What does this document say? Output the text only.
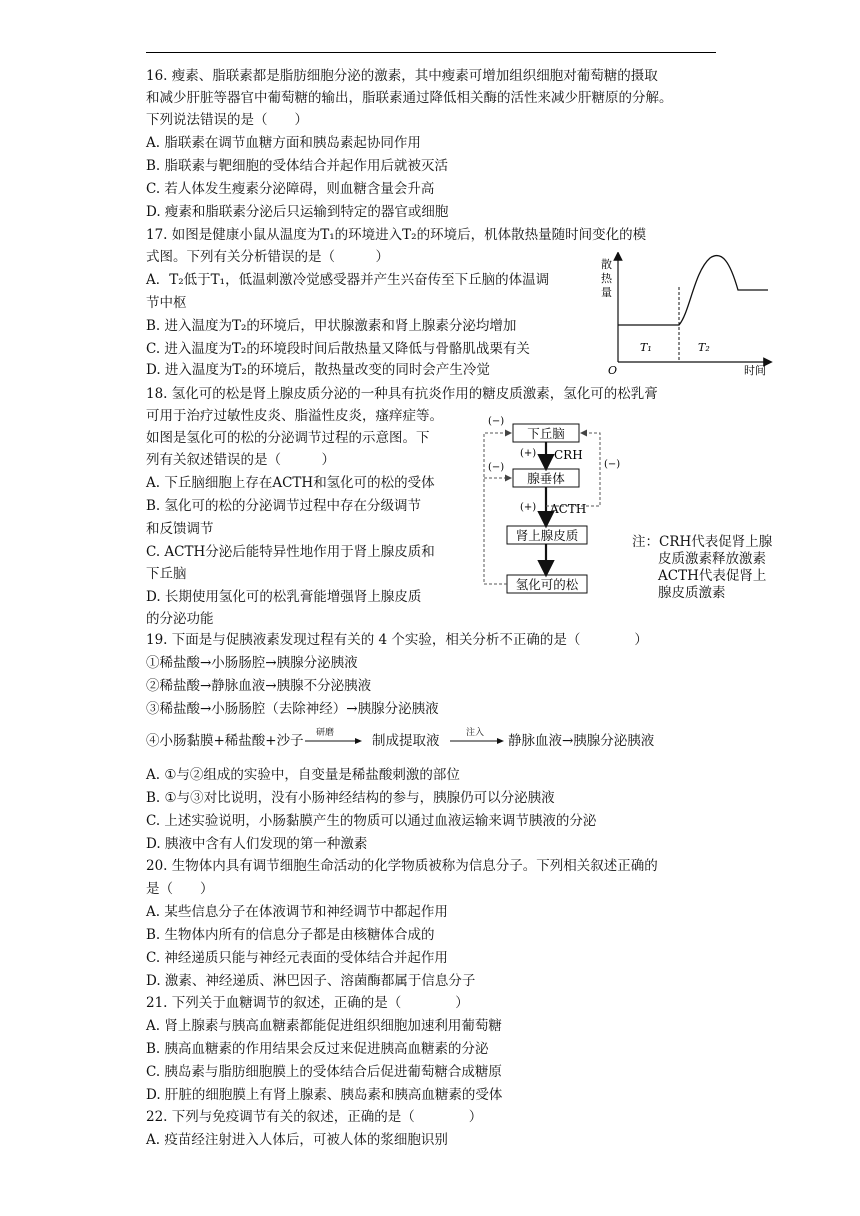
16. 瘦素、脂联素都是脂肪细胞分泌的激素，其中瘦素可增加组织细胞对葡萄糖的摄取
和减少肝脏等器官中葡萄糖的输出，脂联素通过降低相关酶的活性来减少肝糖原的分解。
下列说法错误的是（　　）
A. 脂联素在调节血糖方面和胰岛素起协同作用
B. 脂联素与靶细胞的受体结合并起作用后就被灭活
C. 若人体发生瘦素分泌障碍，则血糖含量会升高
D. 瘦素和脂联素分泌后只运输到特定的器官或细胞
17. 如图是健康小鼠从温度为T₁的环境进入T₂的环境后，机体散热量随时间变化的模
式图。下列有关分析错误的是（　　　）
A．T₂低于T₁，低温刺激冷觉感受器并产生兴奋传至下丘脑的体温调
节中枢
B. 进入温度为T₂的环境后，甲状腺激素和肾上腺素分泌均增加
C. 进入温度为T₂的环境段时间后散热量又降低与骨骼肌战栗有关
D. 进入温度为T₂的环境后，散热量改变的同时会产生冷觉
散
热
量
O	时间
T₁	T₂
18. 氢化可的松是肾上腺皮质分泌的一种具有抗炎作用的糖皮质激素，氢化可的松乳膏
可用于治疗过敏性皮炎、脂溢性皮炎，瘙痒症等。
如图是氢化可的松的分泌调节过程的示意图。下
列有关叙述错误的是（　　　）
A. 下丘脑细胞上存在ACTH和氢化可的松的受体
B. 氢化可的松的分泌调节过程中存在分级调节
和反馈调节
C. ACTH分泌后能特异性地作用于肾上腺皮质和
下丘脑
D. 长期使用氢化可的松乳膏能增强肾上腺皮质
的分泌功能
下丘脑
腺垂体
肾上腺皮质
氢化可的松
(+) CRH
(+) ACTH
(−)
(−)	(−)
注：CRH代表促肾上腺
皮质激素释放激素
ACTH代表促肾上
腺皮质激素
19. 下面是与促胰液素发现过程有关的 4 个实验，相关分析不正确的是（　　　　）
①稀盐酸→小肠肠腔→胰腺分泌胰液
②稀盐酸→静脉血液→胰腺不分泌胰液
③稀盐酸→小肠肠腔（去除神经）→胰腺分泌胰液
④小肠黏膜+稀盐酸+沙子 研磨	制成提取液	注入 静脉血液→胰腺分泌胰液
A. ①与②组成的实验中，自变量是稀盐酸刺激的部位
B. ①与③对比说明，没有小肠神经结构的参与，胰腺仍可以分泌胰液
C. 上述实验说明，小肠黏膜产生的物质可以通过血液运输来调节胰液的分泌
D. 胰液中含有人们发现的第一种激素
20. 生物体内具有调节细胞生命活动的化学物质被称为信息分子。下列相关叙述正确的
是（　　）
A. 某些信息分子在体液调节和神经调节中都起作用
B. 生物体内所有的信息分子都是由核糖体合成的
C. 神经递质只能与神经元表面的受体结合并起作用
D. 激素、神经递质、淋巴因子、溶菌酶都属于信息分子
21. 下列关于血糖调节的叙述，正确的是（　　　　）
A. 肾上腺素与胰高血糖素都能促进组织细胞加速利用葡萄糖
B. 胰高血糖素的作用结果会反过来促进胰高血糖素的分泌
C. 胰岛素与脂肪细胞膜上的受体结合后促进葡萄糖合成糖原
D. 肝脏的细胞膜上有肾上腺素、胰岛素和胰高血糖素的受体
22. 下列与免疫调节有关的叙述，正确的是（　　　　）
A. 疫苗经注射进入人体后，可被人体的浆细胞识别
